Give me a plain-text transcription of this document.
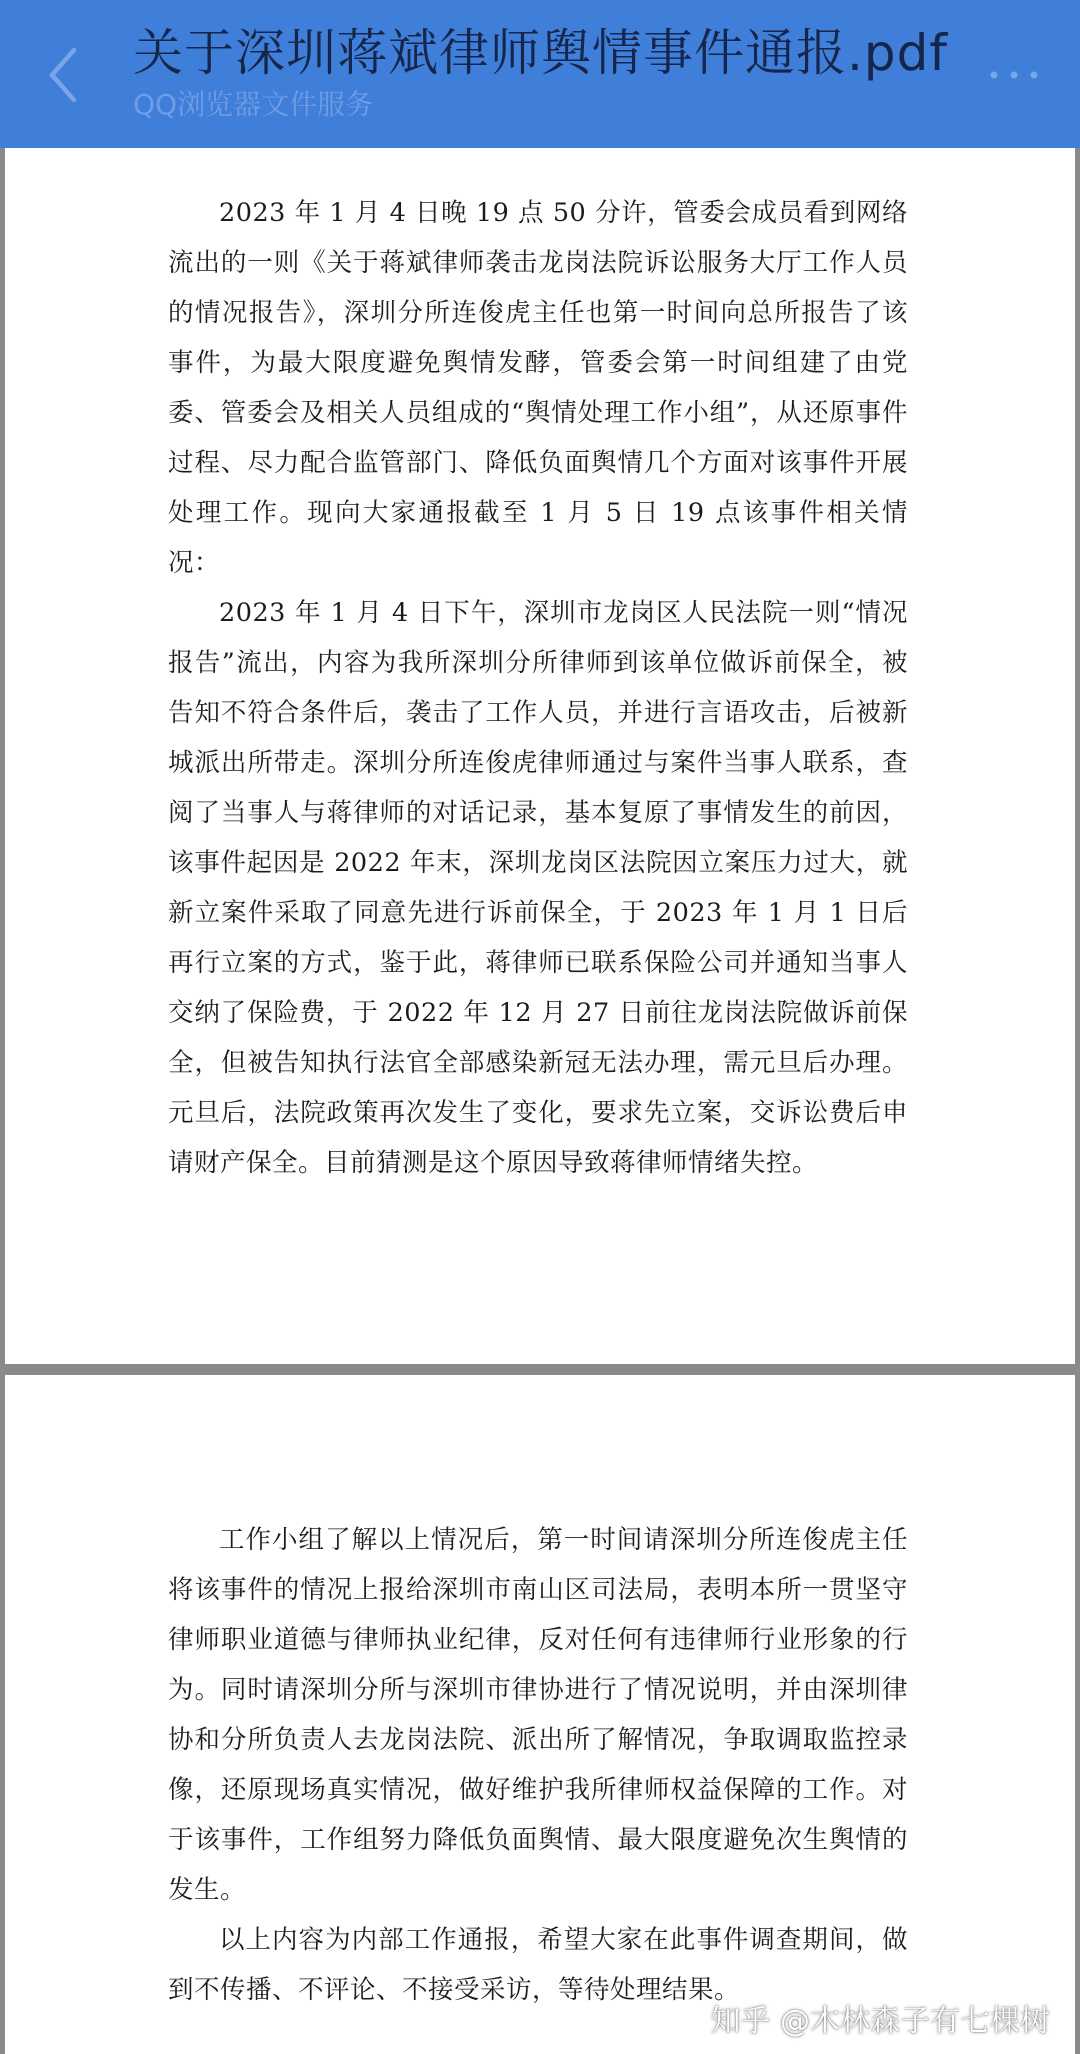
关于深圳蒋斌律师舆情事件通报.pdf
QQ浏览器文件服务

2023 年 1 月 4 日晚 19 点 50 分许，管委会成员看到网络流出的一则《关于蒋斌律师袭击龙岗法院诉讼服务大厅工作人员的情况报告》，深圳分所连俊虎主任也第一时间向总所报告了该事件，为最大限度避免舆情发酵，管委会第一时间组建了由党委、管委会及相关人员组成的“舆情处理工作小组”，从还原事件过程、尽力配合监管部门、降低负面舆情几个方面对该事件开展处理工作。现向大家通报截至 1 月 5 日 19 点该事件相关情况：

2023 年 1 月 4 日下午，深圳市龙岗区人民法院一则“情况报告”流出，内容为我所深圳分所律师到该单位做诉前保全，被告知不符合条件后，袭击了工作人员，并进行言语攻击，后被新城派出所带走。深圳分所连俊虎律师通过与案件当事人联系，查阅了当事人与蒋律师的对话记录，基本复原了事情发生的前因，该事件起因是 2022 年末，深圳龙岗区法院因立案压力过大，就新立案件采取了同意先进行诉前保全，于 2023 年 1 月 1 日后再行立案的方式，鉴于此，蒋律师已联系保险公司并通知当事人交纳了保险费，于 2022 年 12 月 27 日前往龙岗法院做诉前保全，但被告知执行法官全部感染新冠无法办理，需元旦后办理。元旦后，法院政策再次发生了变化，要求先立案，交诉讼费后申请财产保全。目前猜测是这个原因导致蒋律师情绪失控。

工作小组了解以上情况后，第一时间请深圳分所连俊虎主任将该事件的情况上报给深圳市南山区司法局，表明本所一贯坚守律师职业道德与律师执业纪律，反对任何有违律师行业形象的行为。同时请深圳分所与深圳市律协进行了情况说明，并由深圳律协和分所负责人去龙岗法院、派出所了解情况，争取调取监控录像，还原现场真实情况，做好维护我所律师权益保障的工作。对于该事件，工作组努力降低负面舆情、最大限度避免次生舆情的发生。

以上内容为内部工作通报，希望大家在此事件调查期间，做到不传播、不评论、不接受采访，等待处理结果。

知乎 @木林森子有七棵树
